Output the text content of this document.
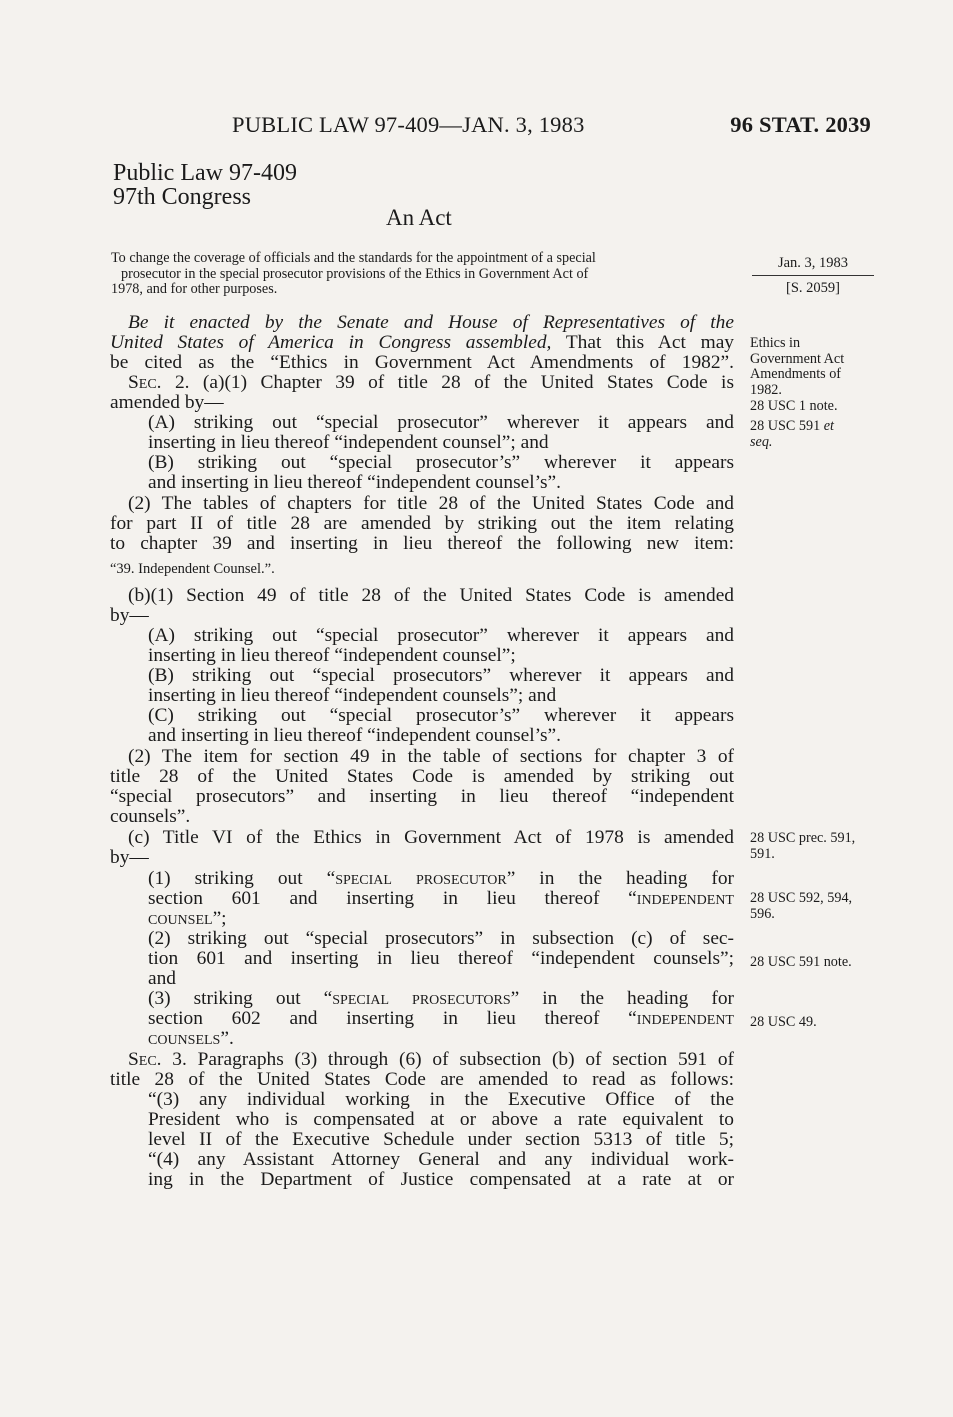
PUBLIC LAW 97-409—JAN. 3, 1983	96 STAT. 2039
Public Law 97-409
97th Congress
An Act

To change the coverage of officials and the standards for the appointment of a special
prosecutor in the special prosecutor provisions of the Ethics in Government Act of
1978, and for other purposes.

Jan. 3, 1983
[S. 2059]
Ethics in
Government Act
Amendments of
1982.
28 USC 1 note.
28 USC 591 et
seq.
28 USC prec. 591,
591.
28 USC 592, 594,
596.
28 USC 591 note.
28 USC 49.
Be it enacted by the Senate and House of Representatives of the
United States of America in Congress assembled, That this Act may
be cited as the “Ethics in Government Act Amendments of 1982”.
Sec. 2. (a)(1) Chapter 39 of title 28 of the United States Code is
amended by—
(A) striking out “special prosecutor” wherever it appears and
inserting in lieu thereof “independent counsel”; and
(B) striking out “special prosecutor’s” wherever it appears
and inserting in lieu thereof “independent counsel’s”.
(2) The tables of chapters for title 28 of the United States Code and
for part II of title 28 are amended by striking out the item relating
to chapter 39 and inserting in lieu thereof the following new item:
“39. Independent Counsel.”.
(b)(1) Section 49 of title 28 of the United States Code is amended
by—
(A) striking out “special prosecutor” wherever it appears and
inserting in lieu thereof “independent counsel”;
(B) striking out “special prosecutors” wherever it appears and
inserting in lieu thereof “independent counsels”; and
(C) striking out “special prosecutor’s” wherever it appears
and inserting in lieu thereof “independent counsel’s”.
(2) The item for section 49 in the table of sections for chapter 3 of
title 28 of the United States Code is amended by striking out
“special prosecutors” and inserting in lieu thereof “independent
counsels”.
(c) Title VI of the Ethics in Government Act of 1978 is amended
by—
(1) striking out “special prosecutor” in the heading for
section 601 and inserting in lieu thereof “independent
counsel”;
(2) striking out “special prosecutors” in subsection (c) of sec-
tion 601 and inserting in lieu thereof “independent counsels”;
and
(3) striking out “special prosecutors” in the heading for
section 602 and inserting in lieu thereof “independent
counsels”.
Sec. 3. Paragraphs (3) through (6) of subsection (b) of section 591 of
title 28 of the United States Code are amended to read as follows:
“(3) any individual working in the Executive Office of the
President who is compensated at or above a rate equivalent to
level II of the Executive Schedule under section 5313 of title 5;
“(4) any Assistant Attorney General and any individual work-
ing in the Department of Justice compensated at a rate at or
